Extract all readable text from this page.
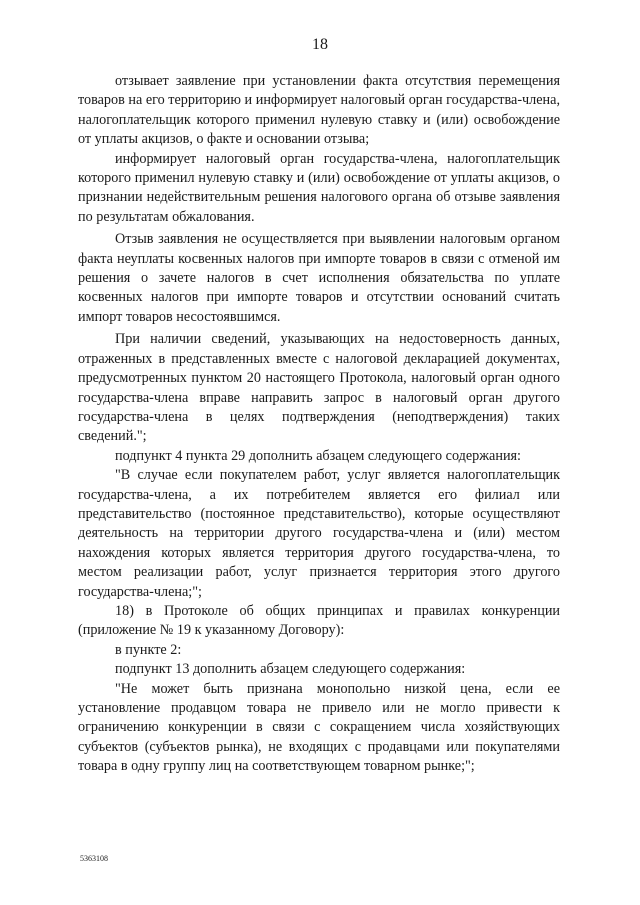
18

отзывает заявление при установлении факта отсутствия перемещения товаров на его территорию и информирует налоговый орган государства-члена, налогоплательщик которого применил нулевую ставку и (или) освобождение от уплаты акцизов, о факте и основании отзыва;

информирует налоговый орган государства-члена, налогоплательщик которого применил нулевую ставку и (или) освобождение от уплаты акцизов, о признании недействительным решения налогового органа об отзыве заявления по результатам обжалования.

Отзыв заявления не осуществляется при выявлении налоговым органом факта неуплаты косвенных налогов при импорте товаров в связи с отменой им решения о зачете налогов в счет исполнения обязательства по уплате косвенных налогов при импорте товаров и отсутствии оснований считать импорт товаров несостоявшимся.

При наличии сведений, указывающих на недостоверность данных, отраженных в представленных вместе с налоговой декларацией документах, предусмотренных пунктом 20 настоящего Протокола, налоговый орган одного государства-члена вправе направить запрос в налоговый орган другого государства-члена в целях подтверждения (неподтверждения) таких сведений.";

подпункт 4 пункта 29 дополнить абзацем следующего содержания:

"В случае если покупателем работ, услуг является налогоплательщик государства-члена, а их потребителем является его филиал или представительство (постоянное представительство), которые осуществляют деятельность на территории другого государства-члена и (или) местом нахождения которых является территория другого государства-члена, то местом реализации работ, услуг признается территория этого другого государства-члена;";

18) в Протоколе об общих принципах и правилах конкуренции (приложение № 19 к указанному Договору):

в пункте 2:

подпункт 13 дополнить абзацем следующего содержания:

"Не может быть признана монопольно низкой цена, если ее установление продавцом товара не привело или не могло привести к ограничению конкуренции в связи с сокращением числа хозяйствующих субъектов (субъектов рынка), не входящих с продавцами или покупателями товара в одну группу лиц на соответствующем товарном рынке;";

5363108
